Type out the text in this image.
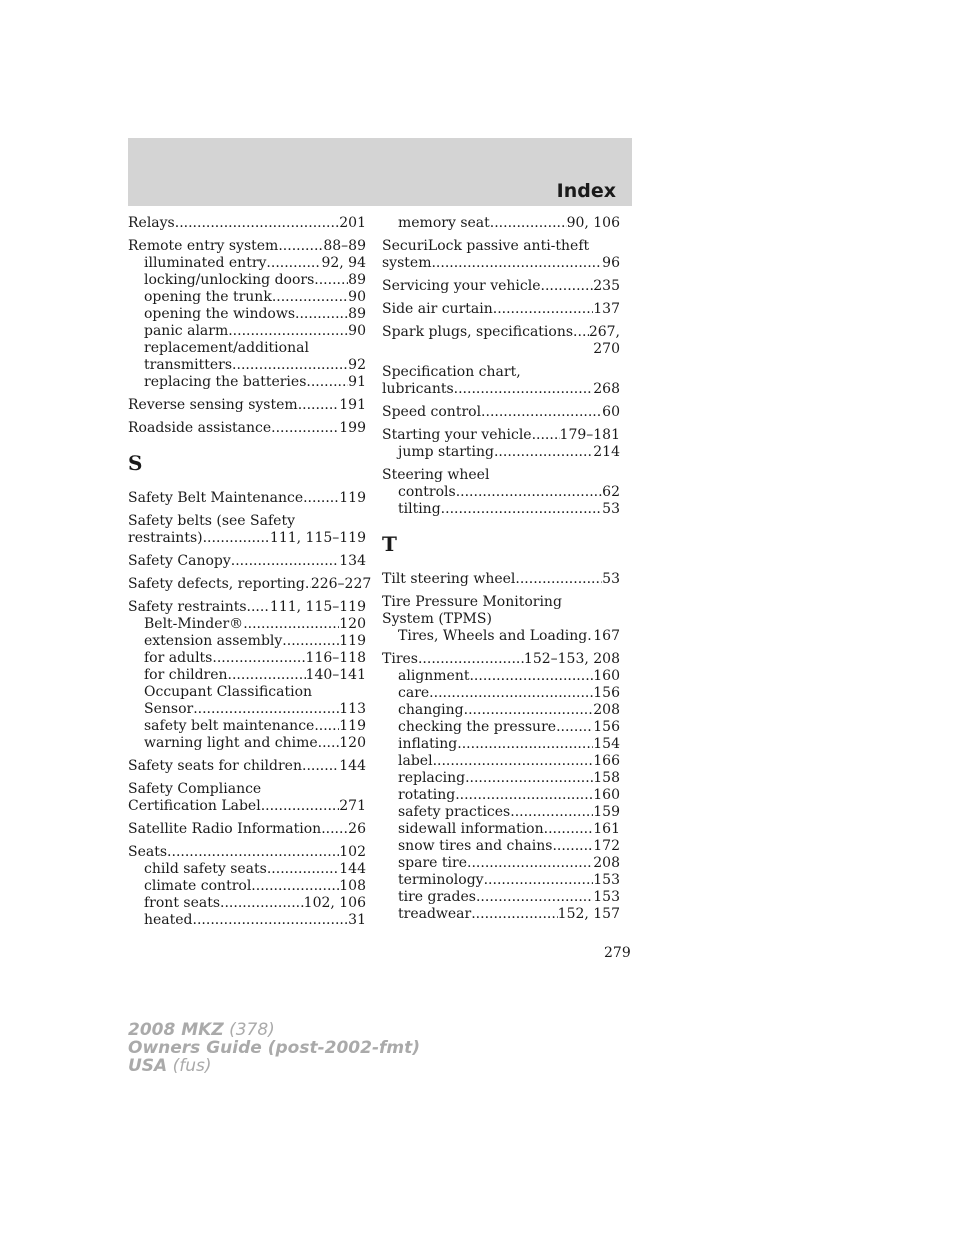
Index
Relays .....	201
Remote entry system .....	88–89
illuminated entry .....	92, 94
locking/unlocking doors ..... 89
opening the trunk .....	90
opening the windows .....	89
panic alarm .....	90
replacement/additional
transmitters .....	92
replacing the batteries .....	91
Reverse sensing system .....	191
Roadside assistance .....	199
S
Safety Belt Maintenance .....	119
Safety belts (see Safety
restraints) .....	111, 115–119
Safety Canopy .....	134
Safety defects, reporting ..... 226–227
Safety restraints ..... 111, 115–119
Belt-Minder® .....	120
extension assembly .....	119
for adults .....	116–118
for children .....	140–141
Occupant Classification
Sensor .....	113
safety belt maintenance ..... 119
warning light and chime ..... 120
Safety seats for children .....	144
Safety Compliance
Certification Label .....	271
Satellite Radio Information ..... 26
Seats .....	102
child safety seats .....	144
climate control .....	108
front seats .....	102, 106
heated .....	31
memory seat .....	90, 106
SecuriLock passive anti-theft
system .....	96
Servicing your vehicle .....	235
Side air curtain .....	137
Spark plugs, specifications ..... 267,
270
Specification chart,
lubricants .....	268
Speed control .....	60
Starting your vehicle ..... 179–181
jump starting .....	214
Steering wheel
controls .....	62
tilting .....	53
T
Tilt steering wheel .....	53
Tire Pressure Monitoring
System (TPMS)
Tires, Wheels and Loading ..... 167
Tires .....	152–153, 208
alignment .....	160
care .....	156
changing .....	208
checking the pressure .....	156
inflating .....	154
label .....	166
replacing .....	158
rotating .....	160
safety practices .....	159
sidewall information .....	161
snow tires and chains .....	172
spare tire .....	208
terminology .....	153
tire grades .....	153
treadwear .....	152, 157
279
2008 MKZ (378)
Owners Guide (post-2002-fmt)
USA (fus)
